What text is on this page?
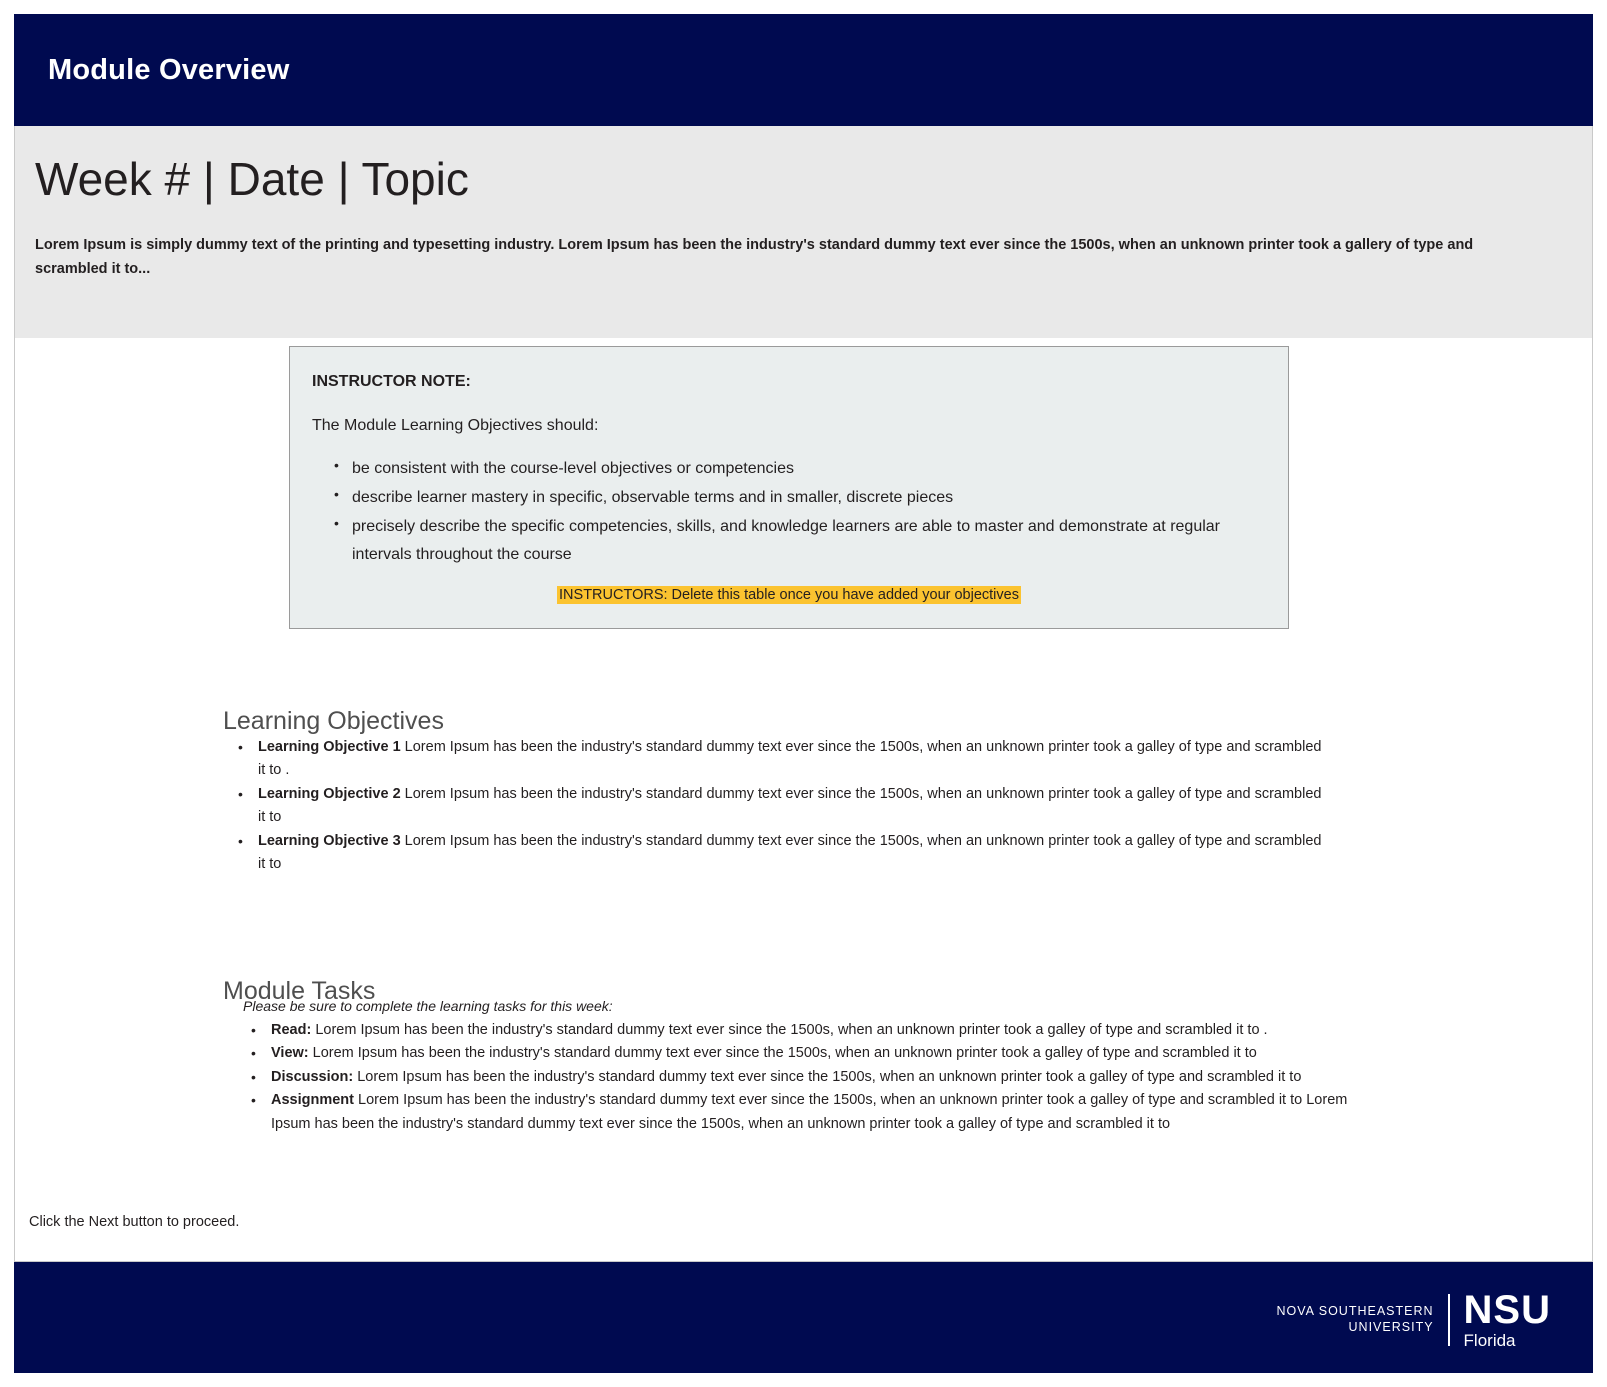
Module Overview
Week # | Date | Topic
Lorem Ipsum is simply dummy text of the printing and typesetting industry. Lorem Ipsum has been the industry's standard dummy text ever since the 1500s, when an unknown printer took a gallery of type and scrambled it to...

INSTRUCTOR NOTE:

The Module Learning Objectives should:

• be consistent with the course-level objectives or competencies
• describe learner mastery in specific, observable terms and in smaller, discrete pieces
• precisely describe the specific competencies, skills, and knowledge learners are able to master and demonstrate at regular intervals throughout the course
INSTRUCTORS: Delete this table once you have added your objectives
Learning Objectives
• Learning Objective 1 Lorem Ipsum has been the industry's standard dummy text ever since the 1500s, when an unknown printer took a galley of type and scrambled it to .
• Learning Objective 2 Lorem Ipsum has been the industry's standard dummy text ever since the 1500s, when an unknown printer took a galley of type and scrambled it to
• Learning Objective 3 Lorem Ipsum has been the industry's standard dummy text ever since the 1500s, when an unknown printer took a galley of type and scrambled it to
Module Tasks
Please be sure to complete the learning tasks for this week:
• Read: Lorem Ipsum has been the industry's standard dummy text ever since the 1500s, when an unknown printer took a galley of type and scrambled it to .
• View: Lorem Ipsum has been the industry's standard dummy text ever since the 1500s, when an unknown printer took a galley of type and scrambled it to
• Discussion: Lorem Ipsum has been the industry's standard dummy text ever since the 1500s, when an unknown printer took a galley of type and scrambled it to
• Assignment Lorem Ipsum has been the industry's standard dummy text ever since the 1500s, when an unknown printer took a galley of type and scrambled it to Lorem Ipsum has been the industry's standard dummy text ever since the 1500s, when an unknown printer took a galley of type and scrambled it to
Click the Next button to proceed.
NOVA SOUTHEASTERN
UNIVERSITY NSU
Florida
